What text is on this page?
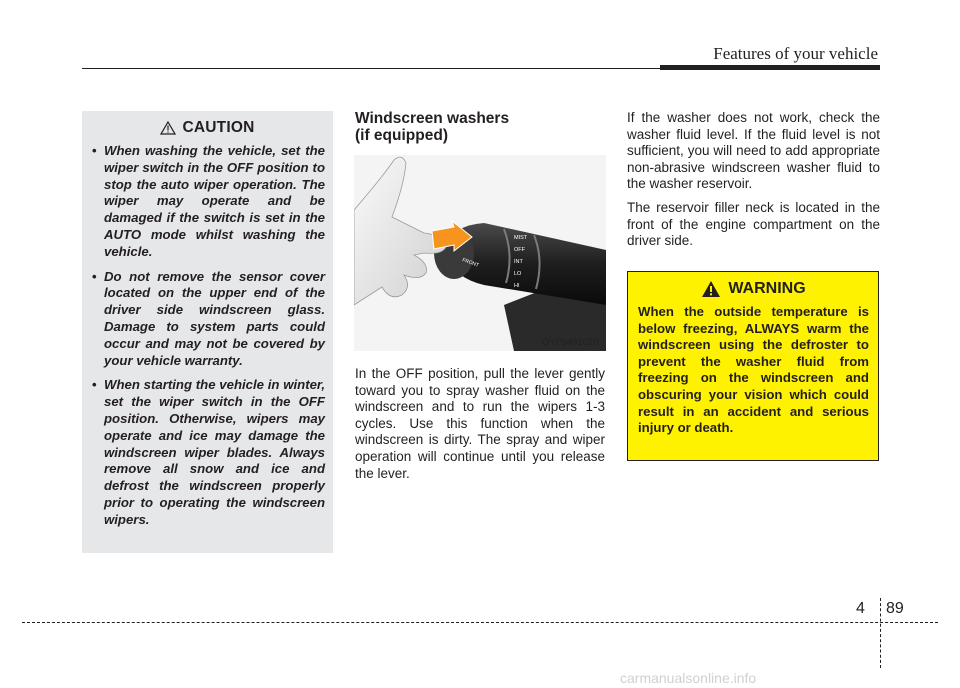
Features of your vehicle
CAUTION
• When washing the vehicle, set the wiper switch in the OFF position to stop the auto wiper operation. The wiper may operate and be damaged if the switch is set in the AUTO mode whilst washing the vehicle.
• Do not remove the sensor cover located on the upper end of the driver side windscreen glass. Damage to system parts could occur and may not be covered by your vehicle warranty.
• When starting the vehicle in winter, set the wiper switch in the OFF position. Otherwise, wipers may operate and ice may damage the windscreen wiper blades. Always remove all snow and ice and defrost the windscreen properly prior to operating the windscreen wipers.
Windscreen washers
(if equipped)
FRONT
MIST
OFF
INT
LO
HI
OYF049101R

In the OFF position, pull the lever gently toward you to spray washer fluid on the windscreen and to run the wipers 1-3 cycles. Use this function when the windscreen is dirty. The spray and wiper operation will continue until you release the lever.

If the washer does not work, check the washer fluid level. If the fluid level is not sufficient, you will need to add appropriate non-abrasive windscreen washer fluid to the washer reservoir.

The reservoir filler neck is located in the front of the engine compartment on the driver side.

WARNING

When the outside temperature is below freezing, ALWAYS warm the windscreen using the defroster to prevent the washer fluid from freezing on the windscreen and obscuring your vision which could result in an accident and serious injury or death.

4 89
carmanualsonline.info
